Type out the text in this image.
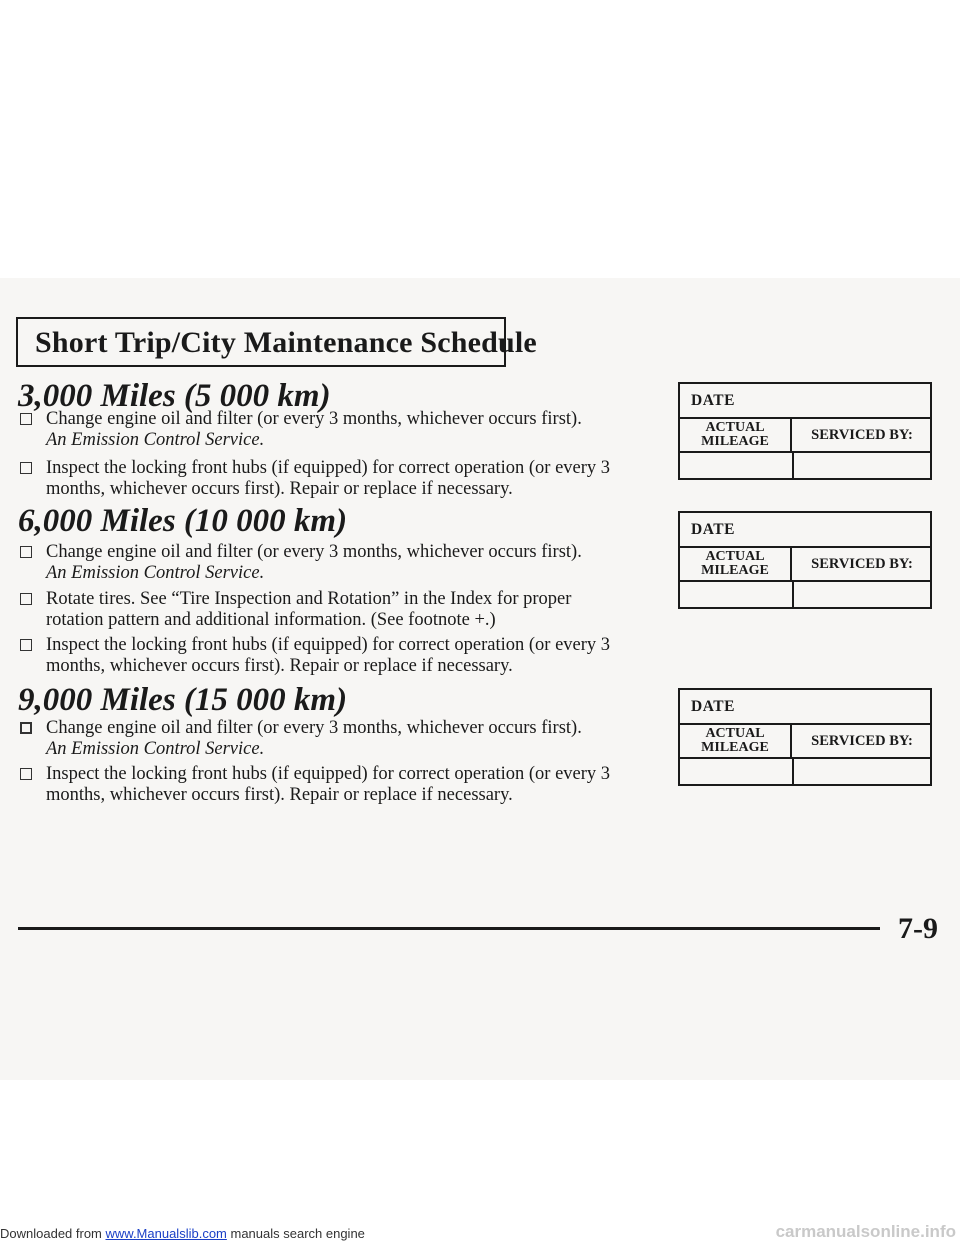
Short Trip/City Maintenance Schedule
3,000 Miles (5 000 km)
Change engine oil and filter (or every 3 months, whichever occurs first).
An Emission Control Service.
Inspect the locking front hubs (if equipped) for correct operation (or every 3 months, whichever occurs first). Repair or replace if necessary.
6,000 Miles (10 000 km)
Change engine oil and filter (or every 3 months, whichever occurs first).
An Emission Control Service.
Rotate tires. See “Tire Inspection and Rotation” in the Index for proper rotation pattern and additional information. (See footnote +.)
Inspect the locking front hubs (if equipped) for correct operation (or every 3 months, whichever occurs first). Repair or replace if necessary.
9,000 Miles (15 000 km)
Change engine oil and filter (or every 3 months, whichever occurs first).
An Emission Control Service.
Inspect the locking front hubs (if equipped) for correct operation (or every 3 months, whichever occurs first). Repair or replace if necessary.
DATE
ACTUAL
MILEAGE	SERVICED BY:
DATE
ACTUAL
MILEAGE	SERVICED BY:
DATE
ACTUAL
MILEAGE	SERVICED BY:
7-9
Downloaded from www.Manualslib.com manuals search engine	carmanualsonline.info
